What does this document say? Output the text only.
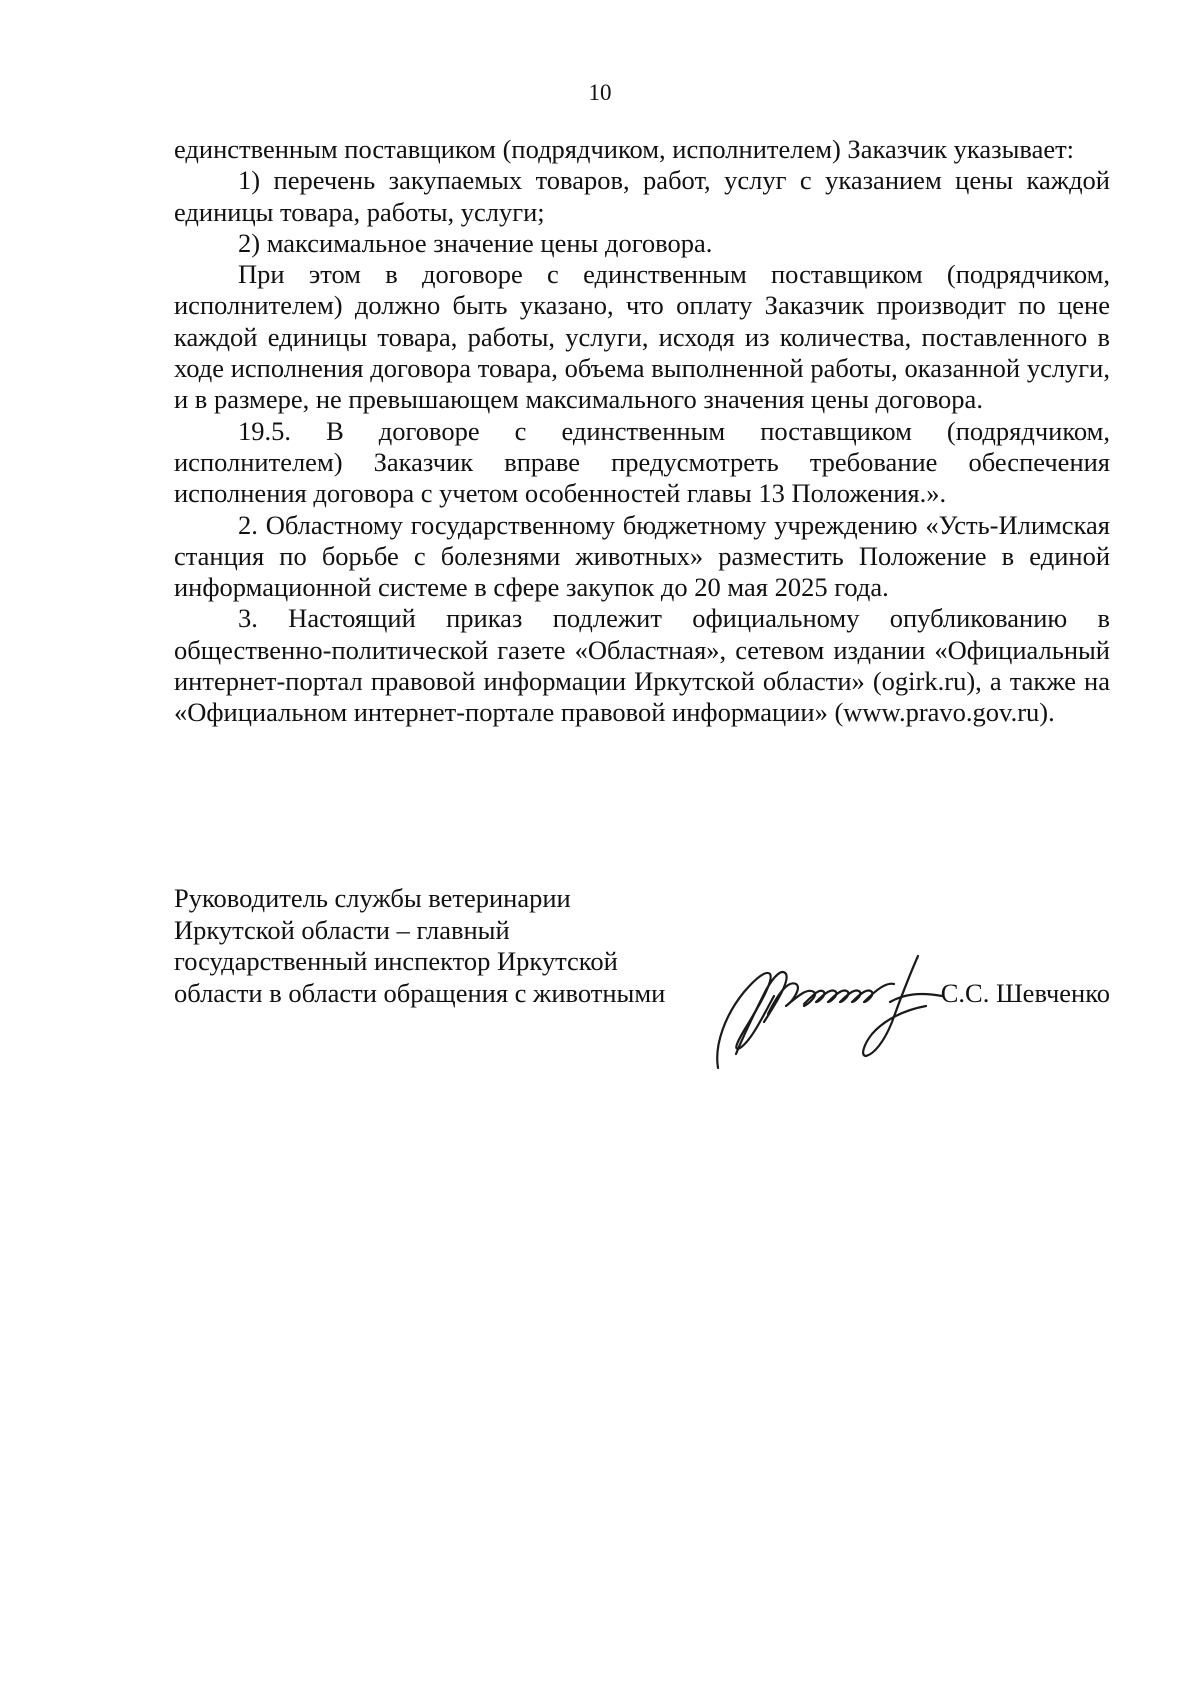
10

единственным поставщиком (подрядчиком, исполнителем) Заказчик указывает:

1) перечень закупаемых товаров, работ, услуг с указанием цены каждой единицы товара, работы, услуги;

2) максимальное значение цены договора.

При этом в договоре с единственным поставщиком (подрядчиком, исполнителем) должно быть указано, что оплату Заказчик производит по цене каждой единицы товара, работы, услуги, исходя из количества, поставленного в ходе исполнения договора товара, объема выполненной работы, оказанной услуги, и в размере, не превышающем максимального значения цены договора.

19.5. В договоре с единственным поставщиком (подрядчиком, исполнителем) Заказчик вправе предусмотреть требование обеспечения исполнения договора с учетом особенностей главы 13 Положения.».

2. Областному государственному бюджетному учреждению «Усть-Илимская станция по борьбе с болезнями животных» разместить Положение в единой информационной системе в сфере закупок до 20 мая 2025 года.

3. Настоящий приказ подлежит официальному опубликованию в общественно-политической газете «Областная», сетевом издании «Официальный интернет-портал правовой информации Иркутской области» (ogirk.ru), а также на «Официальном интернет-портале правовой информации» (www.pravo.gov.ru).

Руководитель службы ветеринарии
Иркутской области – главный
государственный инспектор Иркутской
области в области обращения с животными	С.С. Шевченко
